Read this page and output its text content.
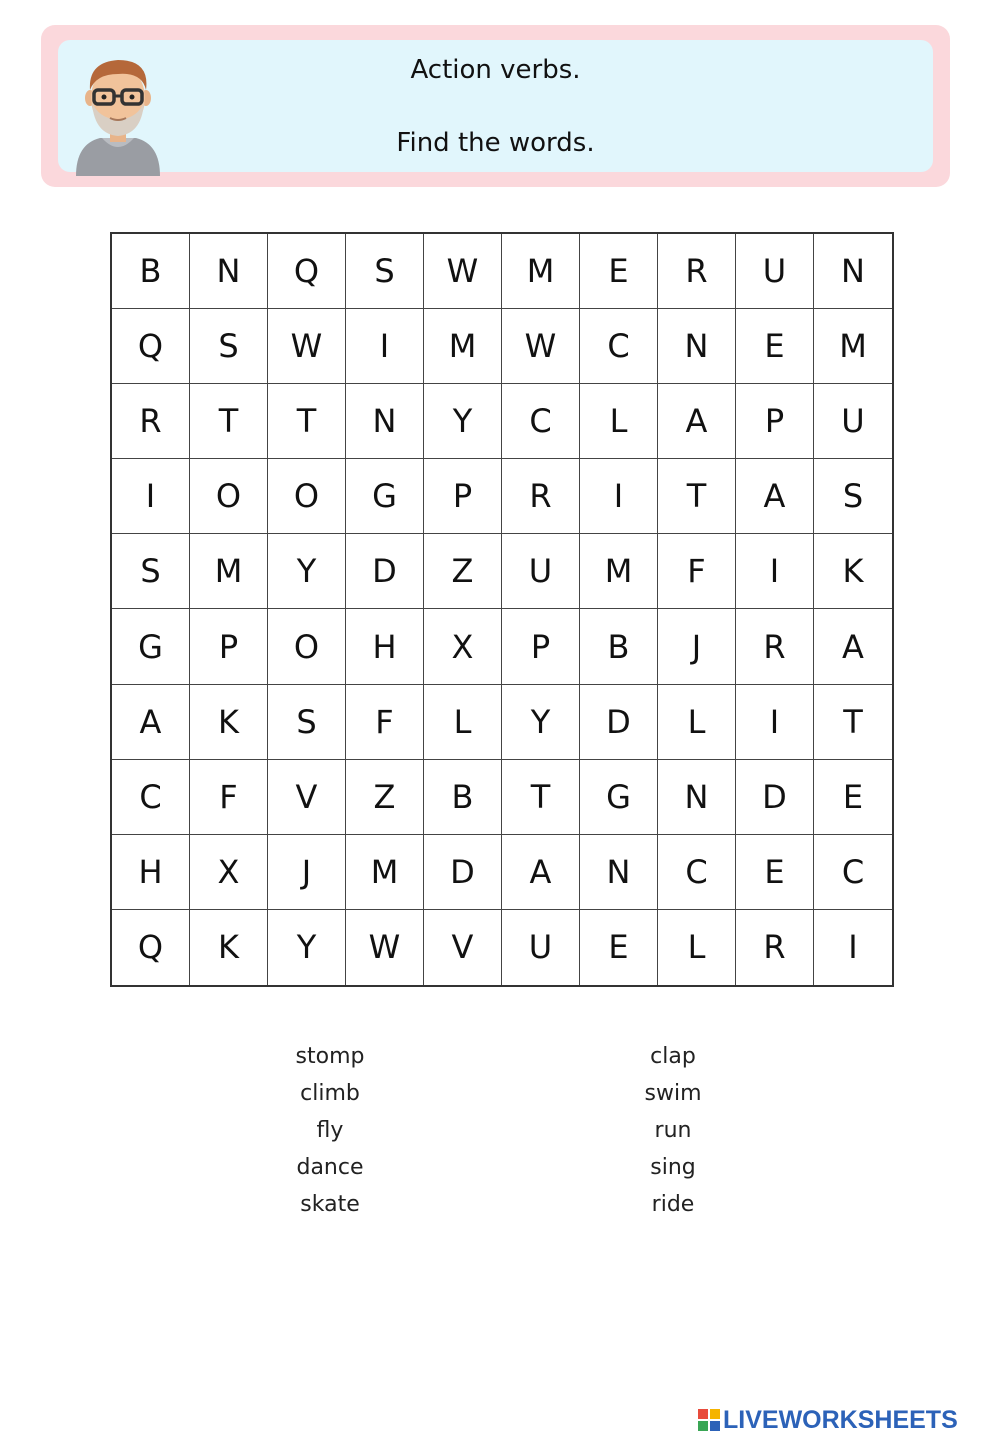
Action verbs.
Find the words.
B	N	Q	S	W	M	E	R	U	N
Q	S	W	I	M	W	C	N	E	M
R	T	T	N	Y	C	L	A	P	U
I	O	O	G	P	R	I	T	A	S
S	M	Y	D	Z	U	M	F	I	K
G	P	O	H	X	P	B	J	R	A
A	K	S	F	L	Y	D	L	I	T
C	F	V	Z	B	T	G	N	D	E
H	X	J	M	D	A	N	C	E	C
Q	K	Y	W	V	U	E	L	R	I
stomp
climb
fly
dance
skate
clap
swim
run
sing
ride
LIVEWORKSHEETS
